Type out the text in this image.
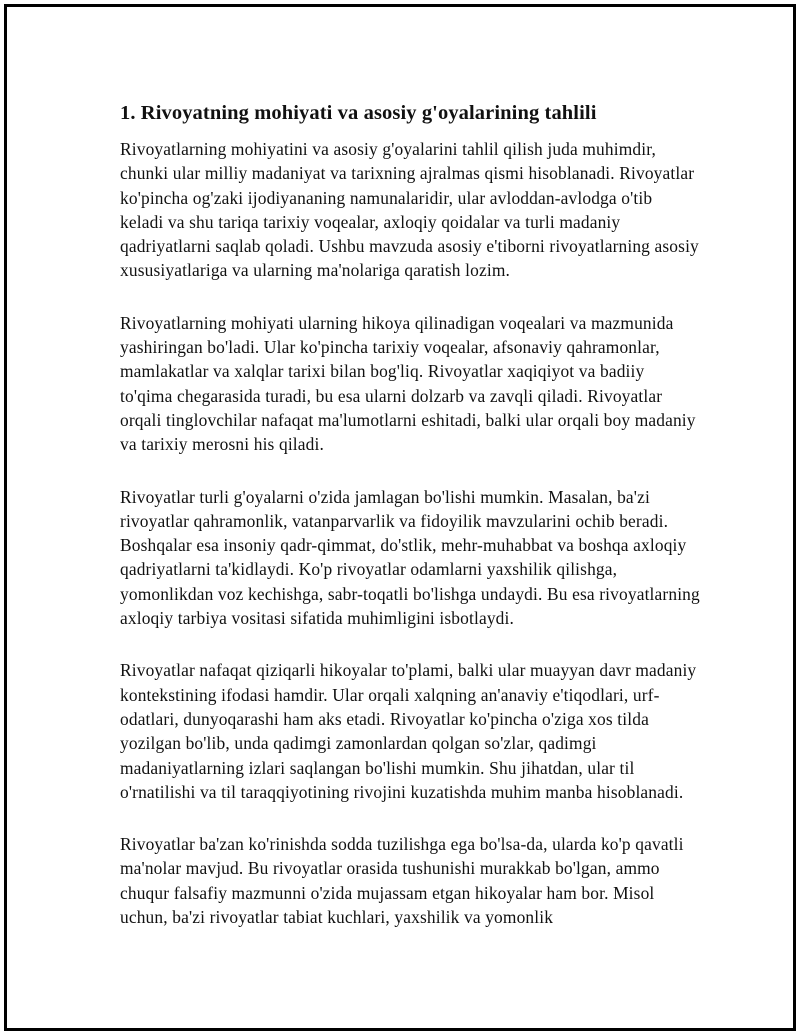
1. Rivoyatning mohiyati va asosiy g'oyalarining tahlili

Rivoyatlarning mohiyatini va asosiy g'oyalarini tahlil qilish juda muhimdir, chunki ular milliy madaniyat va tarixning ajralmas qismi hisoblanadi. Rivoyatlar ko'pincha og'zaki ijodiyananing namunalaridir, ular avloddan-avlodga o'tib keladi va shu tariqa tarixiy voqealar, axloqiy qoidalar va turli madaniy qadriyatlarni saqlab qoladi. Ushbu mavzuda asosiy e'tiborni rivoyatlarning asosiy xususiyatlariga va ularning ma'nolariga qaratish lozim.

Rivoyatlarning mohiyati ularning hikoya qilinadigan voqealari va mazmunida yashiringan bo'ladi. Ular ko'pincha tarixiy voqealar, afsonaviy qahramonlar, mamlakatlar va xalqlar tarixi bilan bog'liq. Rivoyatlar xaqiqiyot va badiiy to'qima chegarasida turadi, bu esa ularni dolzarb va zavqli qiladi. Rivoyatlar orqali tinglovchilar nafaqat ma'lumotlarni eshitadi, balki ular orqali boy madaniy va tarixiy merosni his qiladi.

Rivoyatlar turli g'oyalarni o'zida jamlagan bo'lishi mumkin. Masalan, ba'zi rivoyatlar qahramonlik, vatanparvarlik va fidoyilik mavzularini ochib beradi. Boshqalar esa insoniy qadr-qimmat, do'stlik, mehr-muhabbat va boshqa axloqiy qadriyatlarni ta'kidlaydi. Ko'p rivoyatlar odamlarni yaxshilik qilishga, yomonlikdan voz kechishga, sabr-toqatli bo'lishga undaydi. Bu esa rivoyatlarning axloqiy tarbiya vositasi sifatida muhimligini isbotlaydi.

Rivoyatlar nafaqat qiziqarli hikoyalar to'plami, balki ular muayyan davr madaniy kontekstining ifodasi hamdir. Ular orqali xalqning an'anaviy e'tiqodlari, urf-odatlari, dunyoqarashi ham aks etadi. Rivoyatlar ko'pincha o'ziga xos tilda yozilgan bo'lib, unda qadimgi zamonlardan qolgan so'zlar, qadimgi madaniyatlarning izlari saqlangan bo'lishi mumkin. Shu jihatdan, ular til o'rnatilishi va til taraqqiyotining rivojini kuzatishda muhim manba hisoblanadi.

Rivoyatlar ba'zan ko'rinishda sodda tuzilishga ega bo'lsa-da, ularda ko'p qavatli ma'nolar mavjud. Bu rivoyatlar orasida tushunishi murakkab bo'lgan, ammo chuqur falsafiy mazmunni o'zida mujassam etgan hikoyalar ham bor. Misol uchun, ba'zi rivoyatlar tabiat kuchlari, yaxshilik va yomonlik
